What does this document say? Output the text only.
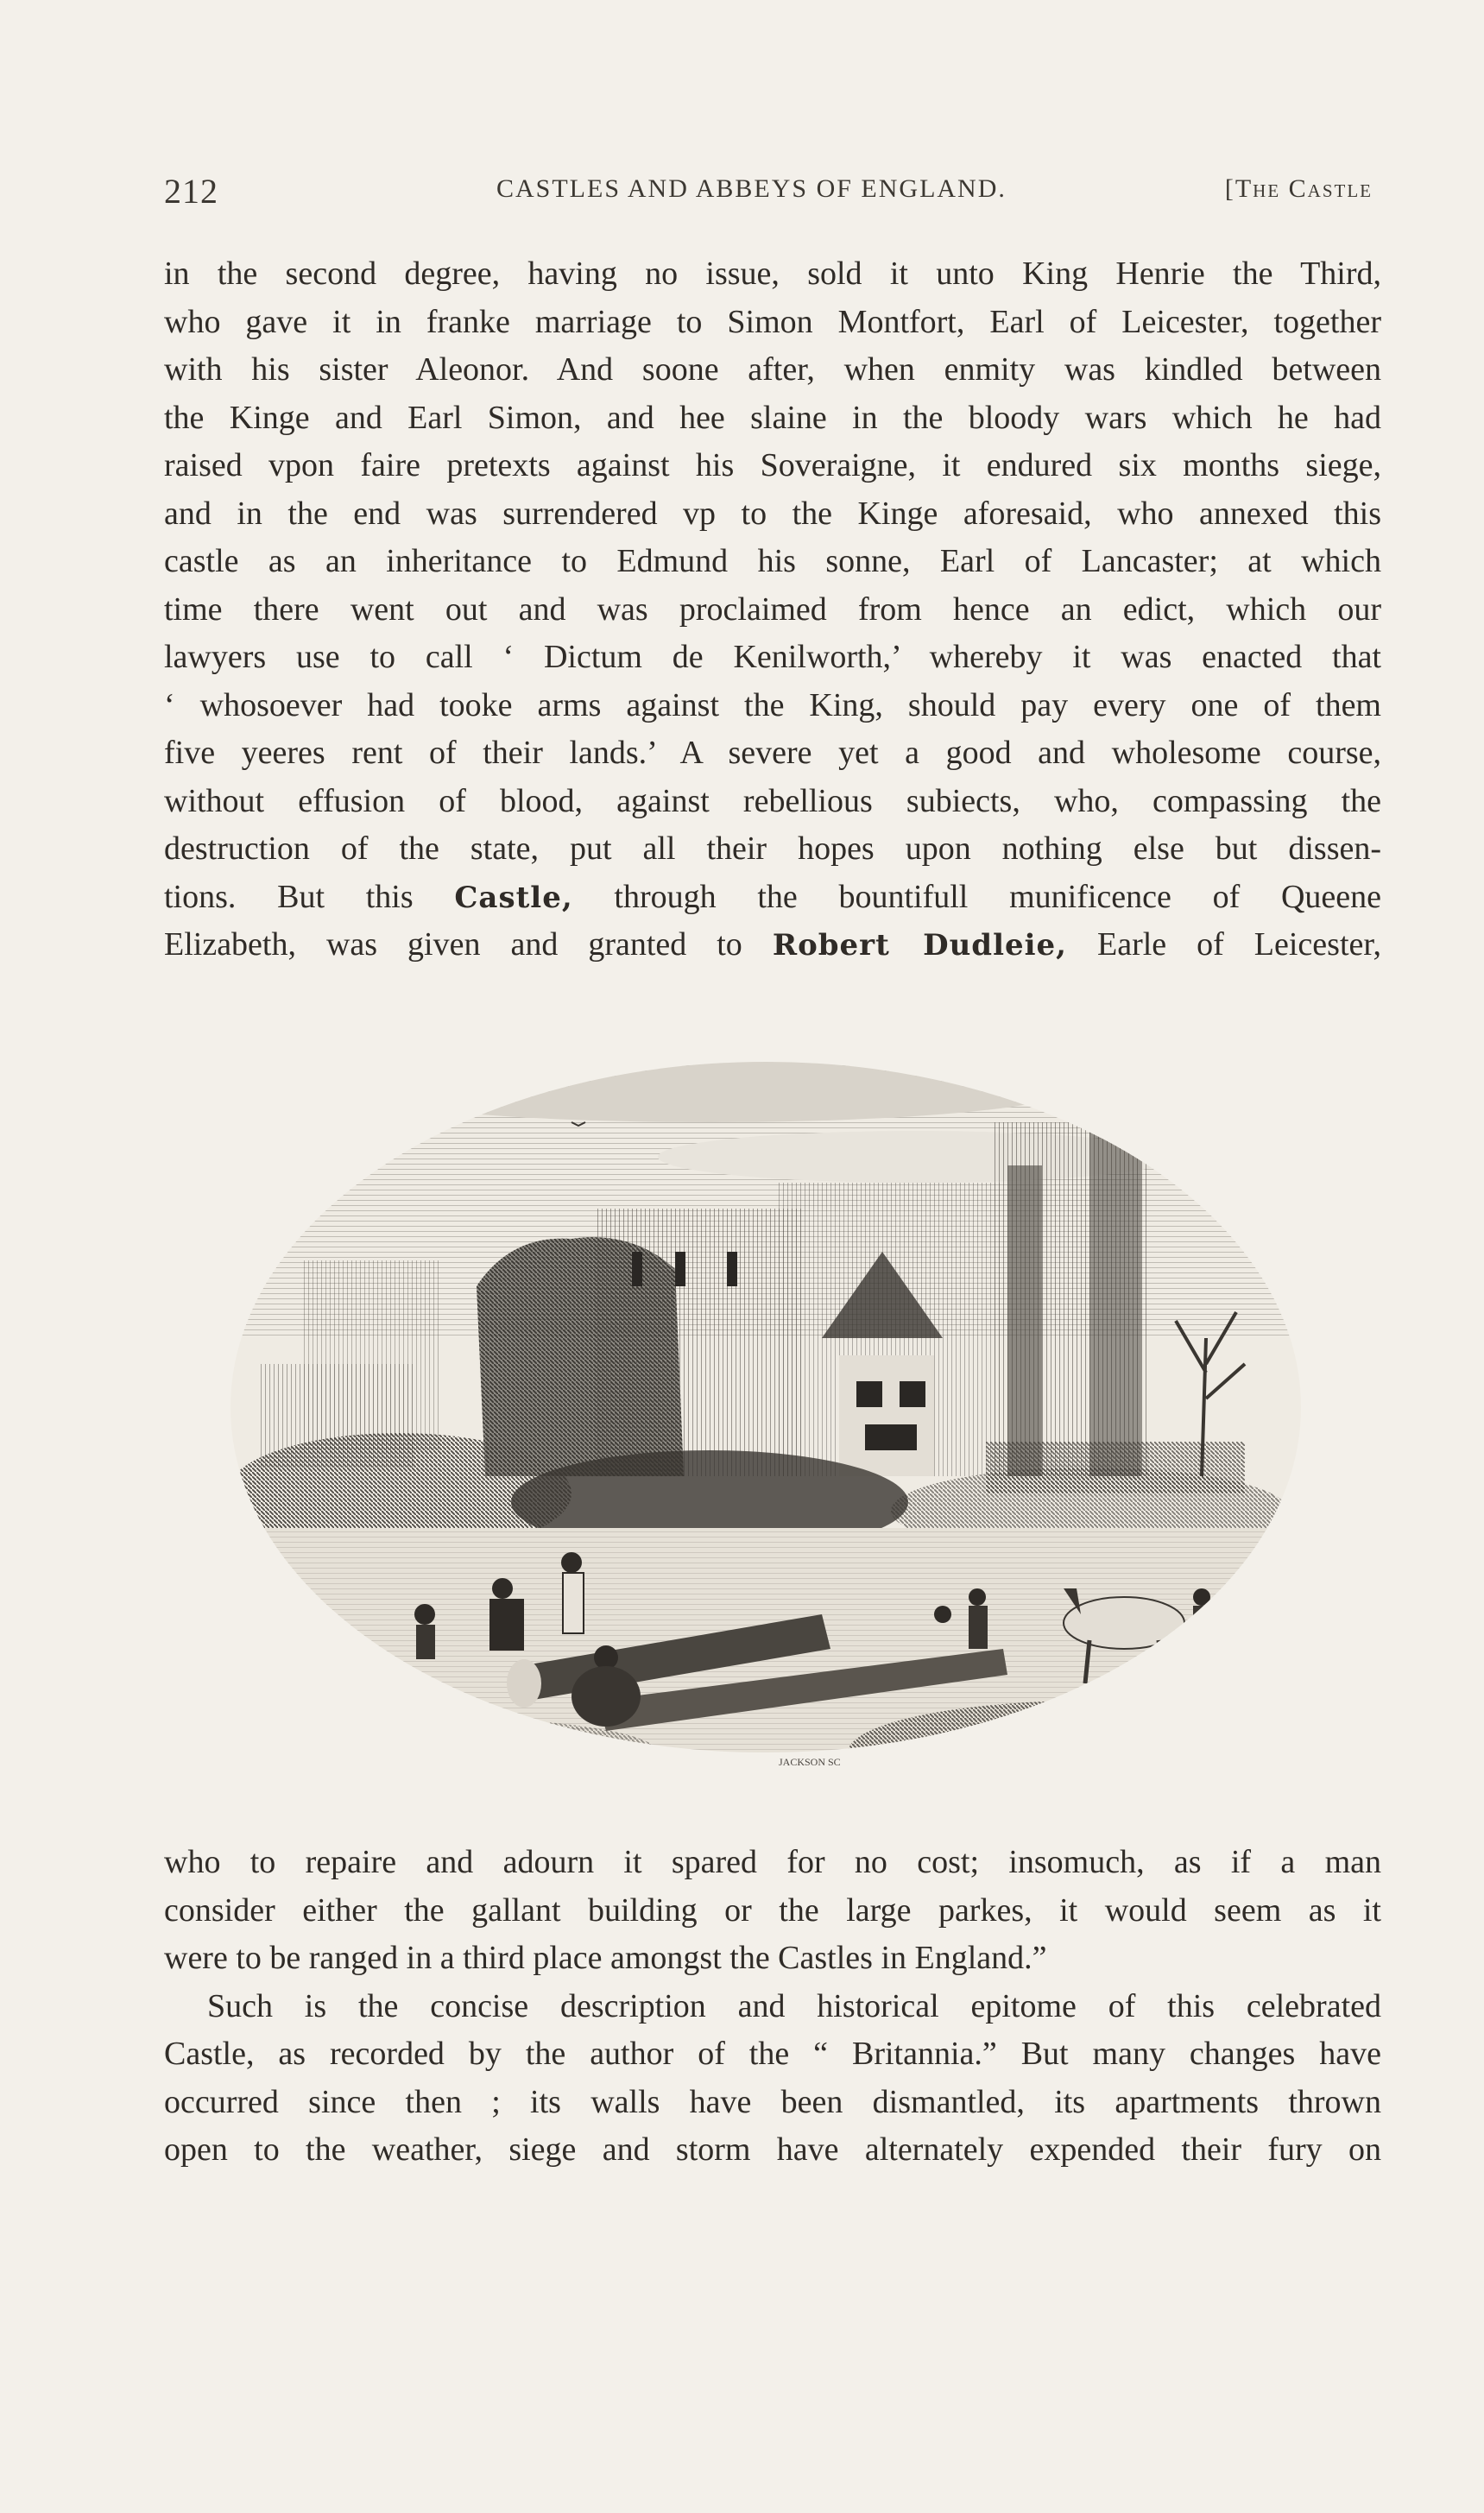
212	CASTLES AND ABBEYS OF ENGLAND.	[The Castle
in the second degree, having no issue, sold it unto King Henrie the Third,
who gave it in franke marriage to Simon Montfort, Earl of Leicester, together
with his sister Aleonor. And soone after, when enmity was kindled between
the Kinge and Earl Simon, and hee slaine in the bloody wars which he had
raised vpon faire pretexts against his Soveraigne, it endured six months siege,
and in the end was surrendered vp to the Kinge aforesaid, who annexed this
castle as an inheritance to Edmund his sonne, Earl of Lancaster; at which
time there went out and was proclaimed from hence an edict, which our
lawyers use to call ‘ Dictum de Kenilworth,’ whereby it was enacted that
‘ whosoever had tooke arms against the King, should pay every one of them
five yeeres rent of their lands.’ A severe yet a good and wholesome course,
without effusion of blood, against rebellious subiects, who, compassing the
destruction of the state, put all their hopes upon nothing else but dissen-
tions. But this Castle, through the bountifull munificence of Queene
Elizabeth, was given and granted to Robert Dudleie, Earle of Leicester,
JACKSON SC
who to repaire and adourn it spared for no cost; insomuch, as if a man
consider either the gallant building or the large parkes, it would seem as it
were to be ranged in a third place amongst the Castles in England.”
Such is the concise description and historical epitome of this celebrated
Castle, as recorded by the author of the “ Britannia.” But many changes have
occurred since then ; its walls have been dismantled, its apartments thrown
open to the weather, siege and storm have alternately expended their fury on
